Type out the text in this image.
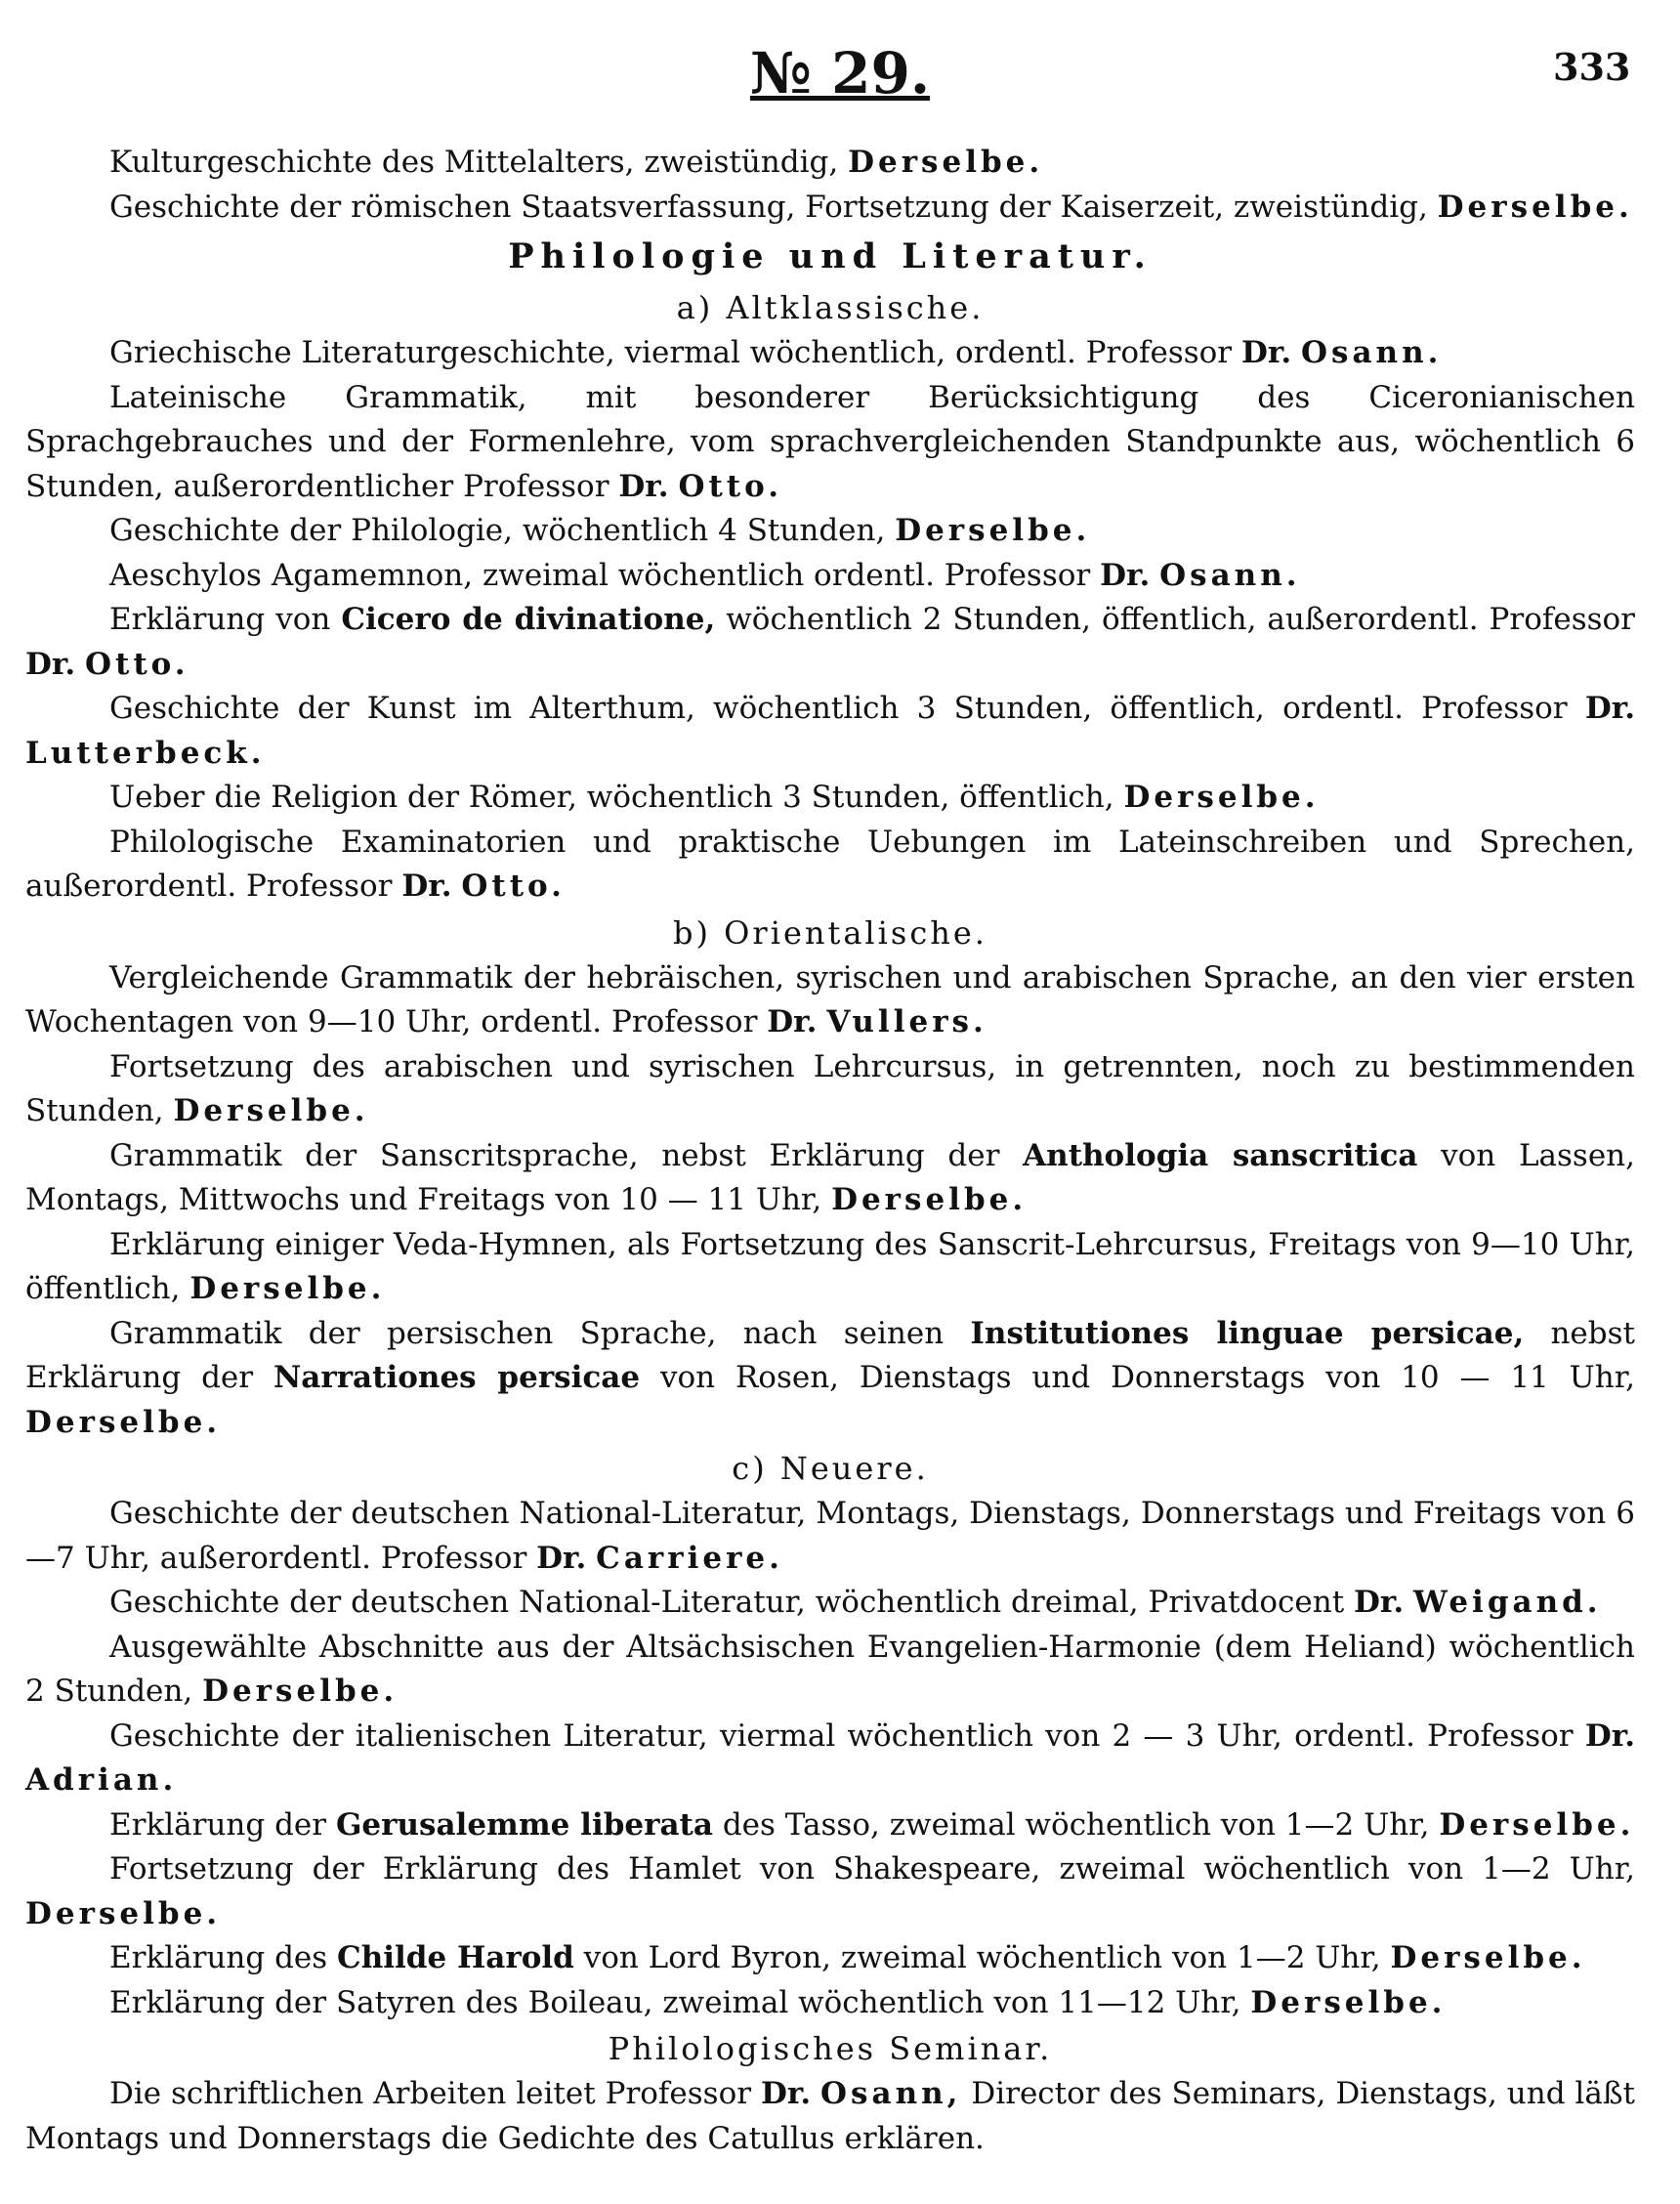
№ 29.	333

Kulturgeschichte des Mittelalters, zweistündig, Derselbe.

Geschichte der römischen Staatsverfassung, Fortsetzung der Kaiserzeit, zweistündig, Derselbe.

Philologie und Literatur.

a) Altklassische.

Griechische Literaturgeschichte, viermal wöchentlich, ordentl. Professor Dr. Osann.

Lateinische Grammatik, mit besonderer Berücksichtigung des Ciceronianischen Sprachgebrauches und der Formenlehre, vom sprachvergleichenden Standpunkte aus, wöchentlich 6 Stunden, außerordentlicher Professor Dr. Otto.

Geschichte der Philologie, wöchentlich 4 Stunden, Derselbe.

Aeschylos Agamemnon, zweimal wöchentlich ordentl. Professor Dr. Osann.

Erklärung von Cicero de divinatione, wöchentlich 2 Stunden, öffentlich, außerordentl. Professor Dr. Otto.

Geschichte der Kunst im Alterthum, wöchentlich 3 Stunden, öffentlich, ordentl. Professor Dr. Lutterbeck.

Ueber die Religion der Römer, wöchentlich 3 Stunden, öffentlich, Derselbe.

Philologische Examinatorien und praktische Uebungen im Lateinschreiben und Sprechen, außerordentl. Professor Dr. Otto.

b) Orientalische.

Vergleichende Grammatik der hebräischen, syrischen und arabischen Sprache, an den vier ersten Wochentagen von 9—10 Uhr, ordentl. Professor Dr. Vullers.

Fortsetzung des arabischen und syrischen Lehrcursus, in getrennten, noch zu bestimmenden Stunden, Derselbe.

Grammatik der Sanscritsprache, nebst Erklärung der Anthologia sanscritica von Lassen, Montags, Mittwochs und Freitags von 10 — 11 Uhr, Derselbe.

Erklärung einiger Veda-Hymnen, als Fortsetzung des Sanscrit-Lehrcursus, Freitags von 9—10 Uhr, öffentlich, Derselbe.

Grammatik der persischen Sprache, nach seinen Institutiones linguae persicae, nebst Erklärung der Narrationes persicae von Rosen, Dienstags und Donnerstags von 10 — 11 Uhr, Derselbe.

c) Neuere.

Geschichte der deutschen National-Literatur, Montags, Dienstags, Donnerstags und Freitags von 6—7 Uhr, außerordentl. Professor Dr. Carriere.

Geschichte der deutschen National-Literatur, wöchentlich dreimal, Privatdocent Dr. Weigand.

Ausgewählte Abschnitte aus der Altsächsischen Evangelien-Harmonie (dem Heliand) wöchentlich 2 Stunden, Derselbe.

Geschichte der italienischen Literatur, viermal wöchentlich von 2 — 3 Uhr, ordentl. Professor Dr. Adrian.

Erklärung der Gerusalemme liberata des Tasso, zweimal wöchentlich von 1—2 Uhr, Derselbe.

Fortsetzung der Erklärung des Hamlet von Shakespeare, zweimal wöchentlich von 1—2 Uhr, Derselbe.

Erklärung des Childe Harold von Lord Byron, zweimal wöchentlich von 1—2 Uhr, Derselbe.

Erklärung der Satyren des Boileau, zweimal wöchentlich von 11—12 Uhr, Derselbe.

Philologisches Seminar.

Die schriftlichen Arbeiten leitet Professor Dr. Osann, Director des Seminars, Dienstags, und läßt Montags und Donnerstags die Gedichte des Catullus erklären.
